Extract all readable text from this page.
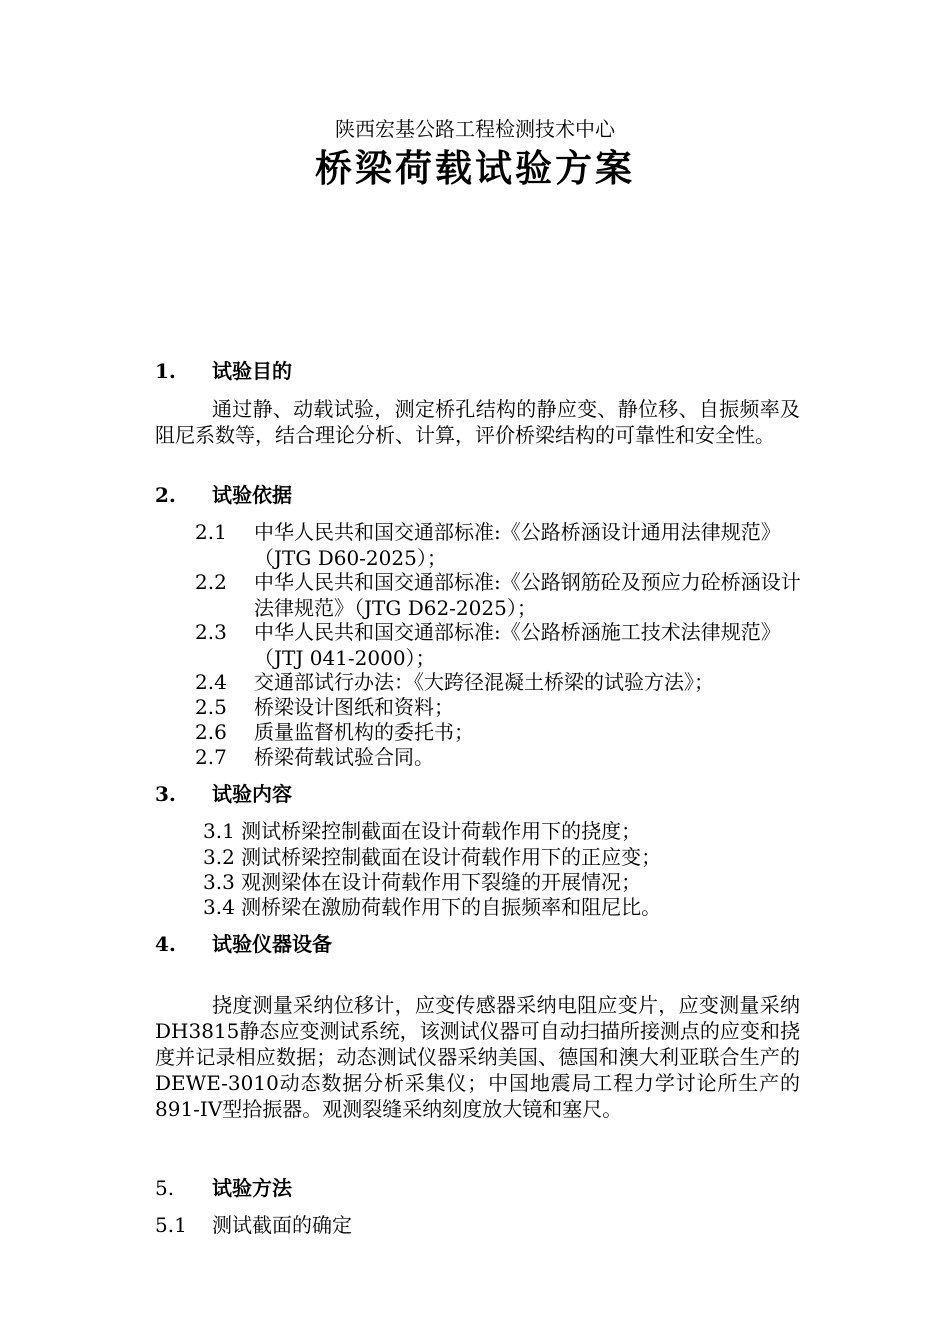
陕西宏基公路工程检测技术中心
桥梁荷载试验方案
1. 试验目的
通过静、动载试验，测定桥孔结构的静应变、静位移、自振频率及阻尼系数等，结合理论分析、计算，评价桥梁结构的可靠性和安全性。
2. 试验依据
2.1 中华人民共和国交通部标准:《公路桥涵设计通用法律规范》（JTG D60-2025）；
2.2 中华人民共和国交通部标准:《公路钢筋砼及预应力砼桥涵设计法律规范》（JTG D62-2025）；
2.3 中华人民共和国交通部标准:《公路桥涵施工技术法律规范》（JTJ 041-2000）；
2.4 交通部试行办法：《大跨径混凝土桥梁的试验方法》；
2.5 桥梁设计图纸和资料；
2.6 质量监督机构的委托书；
2.7 桥梁荷载试验合同。
3. 试验内容
3.1 测试桥梁控制截面在设计荷载作用下的挠度；
3.2 测试桥梁控制截面在设计荷载作用下的正应变；
3.3 观测梁体在设计荷载作用下裂缝的开展情况；
3.4 测桥梁在激励荷载作用下的自振频率和阻尼比。
4. 试验仪器设备
挠度测量采纳位移计，应变传感器采纳电阻应变片，应变测量采纳DH3815静态应变测试系统，该测试仪器可自动扫描所接测点的应变和挠度并记录相应数据；动态测试仪器采纳美国、德国和澳大利亚联合生产的DEWE-3010动态数据分析采集仪；中国地震局工程力学讨论所生产的891-IV型拾振器。观测裂缝采纳刻度放大镜和塞尺。
5. 试验方法
5.1 测试截面的确定
